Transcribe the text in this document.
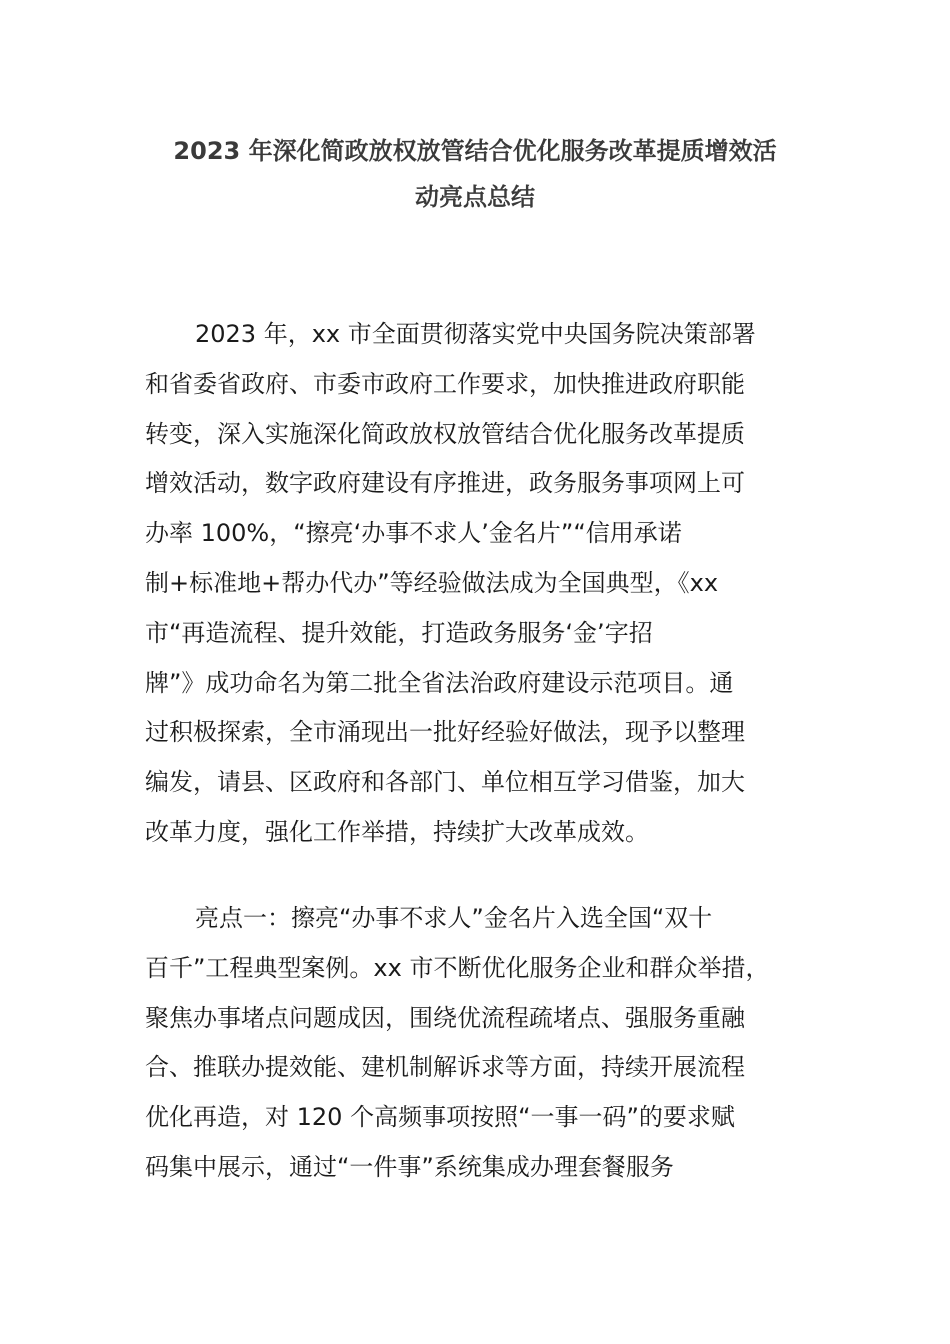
2023 年深化简政放权放管结合优化服务改革提质增效活
动亮点总结
2023 年，xx 市全面贯彻落实党中央国务院决策部署
和省委省政府、市委市政府工作要求，加快推进政府职能
转变，深入实施深化简政放权放管结合优化服务改革提质
增效活动，数字政府建设有序推进，政务服务事项网上可
办率 100%，“擦亮‘办事不求人’金名片”“信用承诺
制+标准地+帮办代办”等经验做法成为全国典型，《xx
市“再造流程、提升效能，打造政务服务‘金’字招
牌”》成功命名为第二批全省法治政府建设示范项目。通
过积极探索，全市涌现出一批好经验好做法，现予以整理
编发，请县、区政府和各部门、单位相互学习借鉴，加大
改革力度，强化工作举措，持续扩大改革成效。
亮点一：擦亮“办事不求人”金名片入选全国“双十
百千”工程典型案例。xx 市不断优化服务企业和群众举措，
聚焦办事堵点问题成因，围绕优流程疏堵点、强服务重融
合、推联办提效能、建机制解诉求等方面，持续开展流程
优化再造，对 120 个高频事项按照“一事一码”的要求赋
码集中展示，通过“一件事”系统集成办理套餐服务
